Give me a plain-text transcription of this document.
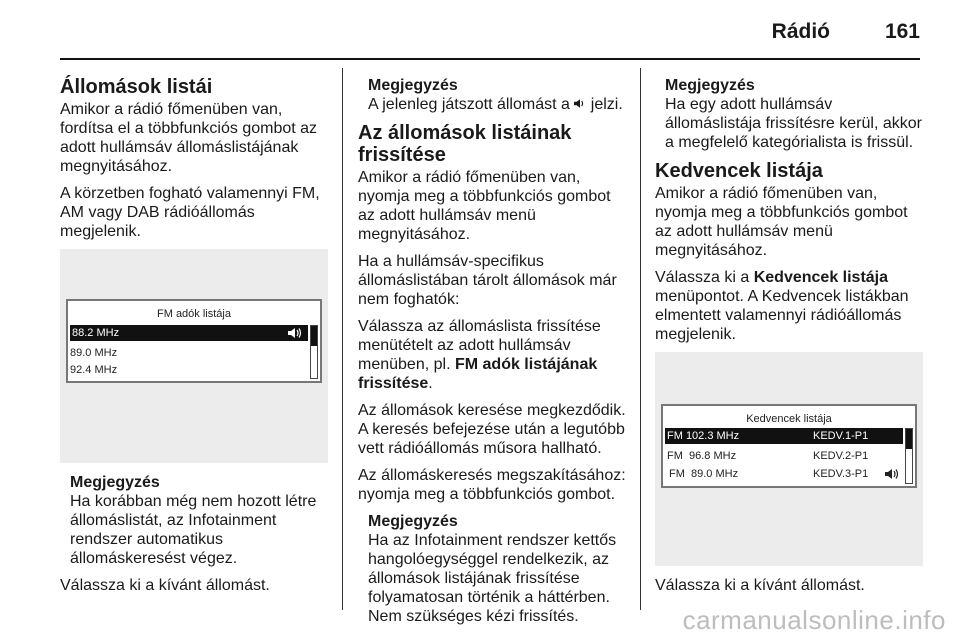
Rádió	161
Állomások listái

Amikor a rádió főmenüben van, fordítsa el a többfunkciós gombot az adott hullámsáv állomáslistájának megnyitásához.

A körzetben fogható valamennyi FM, AM vagy DAB rádióállomás megjelenik.

FM adók listája
88.2 MHz
89.0 MHz
92.4 MHz
Megjegyzés
Ha korábban még nem hozott létre állomáslistát, az Infotainment rendszer automatikus állomáskeresést végez.

Válassza ki a kívánt állomást.

Megjegyzés
A jelenleg játszott állomást a jelzi.
Az állomások listáinak frissítése

Amikor a rádió főmenüben van, nyomja meg a többfunkciós gombot az adott hullámsáv menü megnyitásához.

Ha a hullámsáv-specifikus állomáslistában tárolt állomások már nem foghatók:

Válassza az állomáslista frissítése menütételt az adott hullámsáv menüben, pl. FM adók listájának frissítése.

Az állomások keresése megkezdődik. A keresés befejezése után a legutóbb vett rádióállomás műsora hallható.

Az állomáskeresés megszakításához: nyomja meg a többfunkciós gombot.

Megjegyzés
Ha az Infotainment rendszer kettős hangolóegységgel rendelkezik, az állomások listájának frissítése folyamatosan történik a háttérben. Nem szükséges kézi frissítés.
Megjegyzés
Ha egy adott hullámsáv állomáslistája frissítésre kerül, akkor a megfelelő kategórialista is frissül.
Kedvencek listája

Amikor a rádió főmenüben van, nyomja meg a többfunkciós gombot az adott hullámsáv menü megnyitásához.

Válassza ki a Kedvencek listája menüpontot. A Kedvencek listákban elmentett valamennyi rádióállomás megjelenik.

Kedvencek listája
FM 102.3 MHz	KEDV.1-P1
FM  96.8 MHz	KEDV.2-P1
FM  89.0 MHz	KEDV.3-P1

Válassza ki a kívánt állomást.

carmanualsonline.info
